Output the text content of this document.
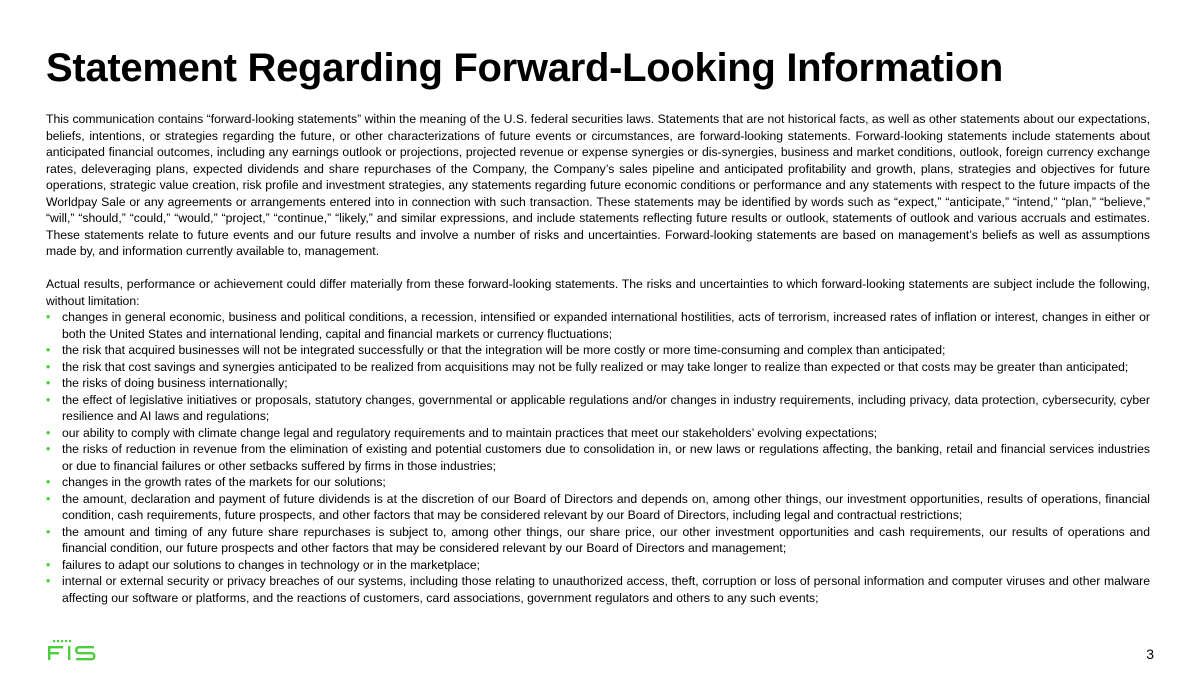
Statement Regarding Forward-Looking Information

This communication contains “forward-looking statements” within the meaning of the U.S. federal securities laws. Statements that are not historical facts, as well as other statements about our expectations, beliefs, intentions, or strategies regarding the future, or other characterizations of future events or circumstances, are forward-looking statements. Forward-looking statements include statements about anticipated financial outcomes, including any earnings outlook or projections, projected revenue or expense synergies or dis-synergies, business and market conditions, outlook, foreign currency exchange rates, deleveraging plans, expected dividends and share repurchases of the Company, the Company’s sales pipeline and anticipated profitability and growth, plans, strategies and objectives for future operations, strategic value creation, risk profile and investment strategies, any statements regarding future economic conditions or performance and any statements with respect to the future impacts of the Worldpay Sale or any agreements or arrangements entered into in connection with such transaction. These statements may be identified by words such as “expect,” “anticipate,” “intend,” “plan,” “believe,” “will,” “should,” “could,” “would,” “project,” “continue,” “likely,” and similar expressions, and include statements reflecting future results or outlook, statements of outlook and various accruals and estimates. These statements relate to future events and our future results and involve a number of risks and uncertainties. Forward-looking statements are based on management’s beliefs as well as assumptions made by, and information currently available to, management.

Actual results, performance or achievement could differ materially from these forward-looking statements. The risks and uncertainties to which forward-looking statements are subject include the following, without limitation:

• changes in general economic, business and political conditions, a recession, intensified or expanded international hostilities, acts of terrorism, increased rates of inflation or interest, changes in either or both the United States and international lending, capital and financial markets or currency fluctuations;
• the risk that acquired businesses will not be integrated successfully or that the integration will be more costly or more time-consuming and complex than anticipated;
• the risk that cost savings and synergies anticipated to be realized from acquisitions may not be fully realized or may take longer to realize than expected or that costs may be greater than anticipated;
• the risks of doing business internationally;
• the effect of legislative initiatives or proposals, statutory changes, governmental or applicable regulations and/or changes in industry requirements, including privacy, data protection, cybersecurity, cyber resilience and AI laws and regulations;
• our ability to comply with climate change legal and regulatory requirements and to maintain practices that meet our stakeholders’ evolving expectations;
• the risks of reduction in revenue from the elimination of existing and potential customers due to consolidation in, or new laws or regulations affecting, the banking, retail and financial services industries or due to financial failures or other setbacks suffered by firms in those industries;
• changes in the growth rates of the markets for our solutions;
• the amount, declaration and payment of future dividends is at the discretion of our Board of Directors and depends on, among other things, our investment opportunities, results of operations, financial condition, cash requirements, future prospects, and other factors that may be considered relevant by our Board of Directors, including legal and contractual restrictions;
• the amount and timing of any future share repurchases is subject to, among other things, our share price, our other investment opportunities and cash requirements, our results of operations and financial condition, our future prospects and other factors that may be considered relevant by our Board of Directors and management;
• failures to adapt our solutions to changes in technology or in the marketplace;
• internal or external security or privacy breaches of our systems, including those relating to unauthorized access, theft, corruption or loss of personal information and computer viruses and other malware affecting our software or platforms, and the reactions of customers, card associations, government regulators and others to any such events;
3
